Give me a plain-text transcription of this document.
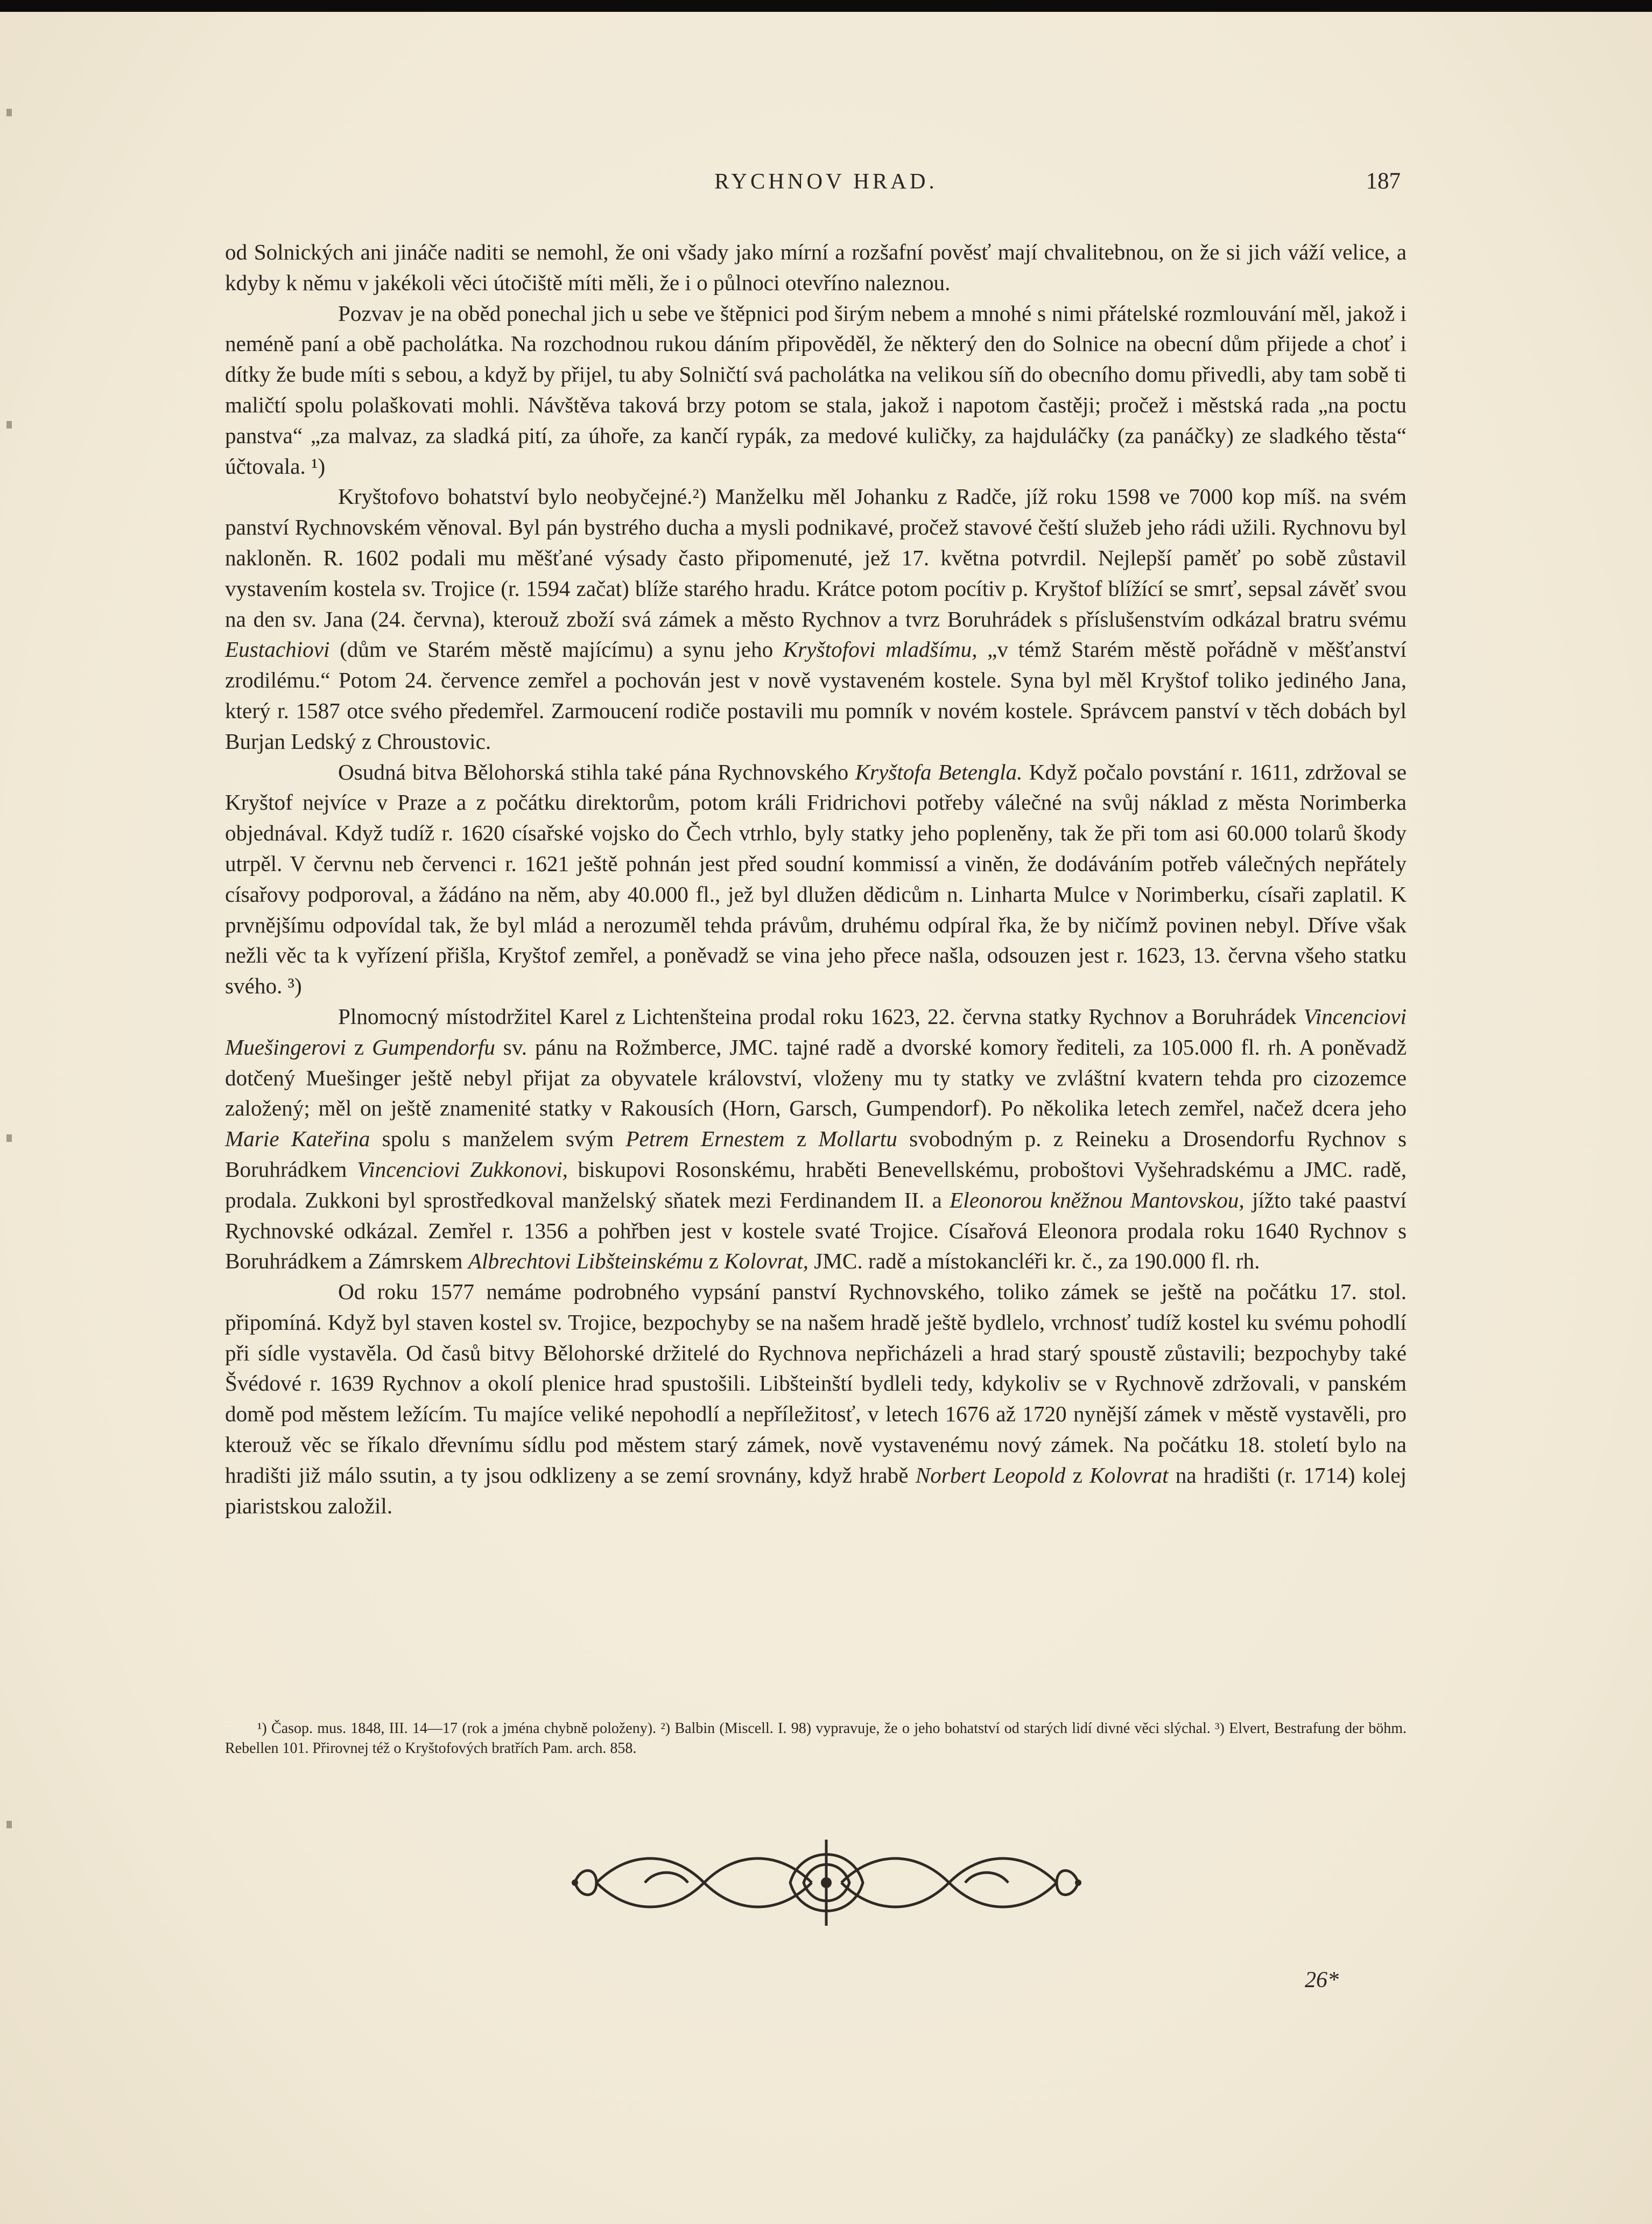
RYCHNOV HRAD.	187

od Solnických ani jináče naditi se nemohl, že oni všady jako mírní a rozšafní pověsť mají chvalitebnou, on že si jich váží velice, a kdyby k němu v jakékoli věci útočiště míti měli, že i o půlnoci otevříno naleznou.

Pozvav je na oběd ponechal jich u sebe ve štěpnici pod širým nebem a mnohé s nimi přátelské rozmlouvání měl, jakož i neméně paní a obě pacholátka. Na rozchodnou rukou dáním připověděl, že některý den do Solnice na obecní dům přijede a choť i dítky že bude míti s sebou, a když by přijel, tu aby Solničtí svá pacholátka na velikou síň do obecního domu přivedli, aby tam sobě ti maličtí spolu polaškovati mohli. Návštěva taková brzy potom se stala, jakož i napotom častěji; pročež i městská rada „na poctu panstva“ „za malvaz, za sladká pití, za úhoře, za kančí rypák, za medové kuličky, za hajduláčky (za panáčky) ze sladkého těsta“ účtovala. ¹)

Kryštofovo bohatství bylo neobyčejné.²) Manželku měl Johanku z Radče, jíž roku 1598 ve 7000 kop míš. na svém panství Rychnovském věnoval. Byl pán bystrého ducha a mysli podnikavé, pročež stavové čeští služeb jeho rádi užili. Rychnovu byl nakloněn. R. 1602 podali mu měšťané výsady často připomenuté, jež 17. května potvrdil. Nejlepší paměť po sobě zůstavil vystavením kostela sv. Trojice (r. 1594 začat) blíže starého hradu. Krátce potom pocítiv p. Kryštof blížící se smrť, sepsal závěť svou na den sv. Jana (24. června), kterouž zboží svá zámek a město Rychnov a tvrz Boruhrádek s příslušenstvím odkázal bratru svému Eustachiovi (dům ve Starém městě majícímu) a synu jeho Kryštofovi mladšímu, „v témž Starém městě pořádně v měšťanství zrodilému.“ Potom 24. července zemřel a pochován jest v nově vystaveném kostele. Syna byl měl Kryštof toliko jediného Jana, který r. 1587 otce svého předemřel. Zarmoucení rodiče postavili mu pomník v novém kostele. Správcem panství v těch dobách byl Burjan Ledský z Chroustovic.

Osudná bitva Bělohorská stihla také pána Rychnovského Kryštofa Betengla. Když počalo povstání r. 1611, zdržoval se Kryštof nejvíce v Praze a z počátku direktorům, potom králi Fridrichovi potřeby válečné na svůj náklad z města Norimberka objednával. Když tudíž r. 1620 císařské vojsko do Čech vtrhlo, byly statky jeho popleněny, tak že při tom asi 60.000 tolarů škody utrpěl. V červnu neb červenci r. 1621 ještě pohnán jest před soudní kommissí a viněn, že dodáváním potřeb válečných nepřátely císařovy podporoval, a žádáno na něm, aby 40.000 fl., jež byl dlužen dědicům n. Linharta Mulce v Norimberku, císaři zaplatil. K prvnějšímu odpovídal tak, že byl mlád a nerozuměl tehda právům, druhému odpíral řka, že by ničímž povinen nebyl. Dříve však nežli věc ta k vyřízení přišla, Kryštof zemřel, a poněvadž se vina jeho přece našla, odsouzen jest r. 1623, 13. června všeho statku svého. ³)

Plnomocný místodržitel Karel z Lichtenšteina prodal roku 1623, 22. června statky Rychnov a Boruhrádek Vincenciovi Muešingerovi z Gumpendorfu sv. pánu na Rožmberce, JMC. tajné radě a dvorské komory řediteli, za 105.000 fl. rh. A poněvadž dotčený Muešinger ještě nebyl přijat za obyvatele království, vloženy mu ty statky ve zvláštní kvatern tehda pro cizozemce založený; měl on ještě znamenité statky v Rakousích (Horn, Garsch, Gumpendorf). Po několika letech zemřel, načež dcera jeho Marie Kateřina spolu s manželem svým Petrem Ernestem z Mollartu svobodným p. z Reineku a Drosendorfu Rychnov s Boruhrádkem Vincenciovi Zukkonovi, biskupovi Rosonskému, hraběti Benevellskému, proboštovi Vyšehradskému a JMC. radě, prodala. Zukkoni byl sprostředkoval manželský sňatek mezi Ferdinandem II. a Eleonorou kněžnou Mantovskou, jížto také paaství Rychnovské odkázal. Zemřel r. 1356 a pohřben jest v kostele svaté Trojice. Císařová Eleonora prodala roku 1640 Rychnov s Boruhrádkem a Zámrskem Albrechtovi Libšteinskému z Kolovrat, JMC. radě a místokancléři kr. č., za 190.000 fl. rh.

Od roku 1577 nemáme podrobného vypsání panství Rychnovského, toliko zámek se ještě na počátku 17. stol. připomíná. Když byl staven kostel sv. Trojice, bezpochyby se na našem hradě ještě bydlelo, vrchnosť tudíž kostel ku svému pohodlí při sídle vystavěla. Od časů bitvy Bělohorské držitelé do Rychnova nepřicházeli a hrad starý spoustě zůstavili; bezpochyby také Švédové r. 1639 Rychnov a okolí plenice hrad spustošili. Libšteinští bydleli tedy, kdykoliv se v Rychnově zdržovali, v panském domě pod městem ležícím. Tu majíce veliké nepohodlí a nepříležitosť, v letech 1676 až 1720 nynější zámek v městě vystavěli, pro kterouž věc se říkalo dřevnímu sídlu pod městem starý zámek, nově vystavenému nový zámek. Na počátku 18. století bylo na hradišti již málo ssutin, a ty jsou odklizeny a se zemí srovnány, když hrabě Norbert Leopold z Kolovrat na hradišti (r. 1714) kolej piaristskou založil.

¹) Časop. mus. 1848, III. 14—17 (rok a jména chybně položeny). ²) Balbin (Miscell. I. 98) vypravuje, že o jeho bohatství od starých lidí divné věci slýchal. ³) Elvert, Bestrafung der böhm. Rebellen 101. Přirovnej též o Kryštofových bratřích Pam. arch. 858.

26*
